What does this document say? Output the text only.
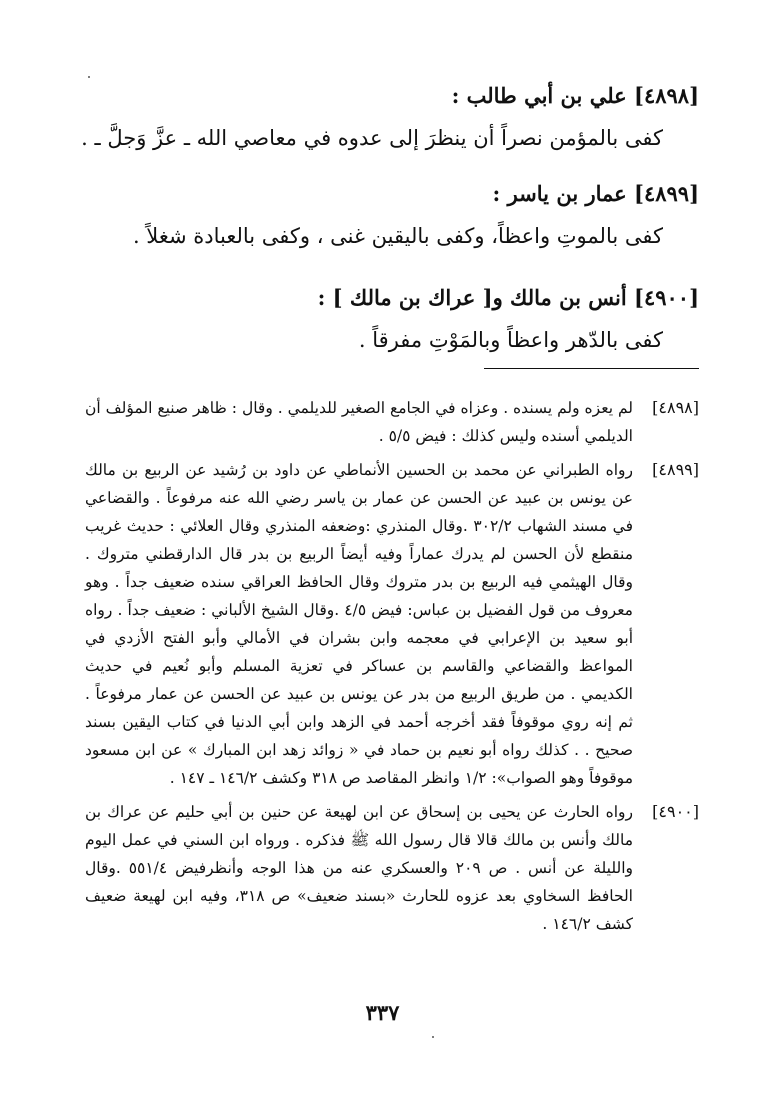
[٤٨٩٨] علي بن أبي طالب :
كفى بالمؤمن نصراً أن ينظرَ إلى عدوه في معاصي الله ـ عزَّ وَجلَّ ـ .
[٤٨٩٩] عمار بن ياسر :
كفى بالموتِ واعظاً، وكفى باليقين غنى ، وكفى بالعبادة شغلاً .
[٤٩٠٠] أنس بن مالك و[ عراك بن مالك ] :
كفى بالدّهر واعظاً وبالمَوْتِ مفرقاً .
[٤٨٩٨]
لم يعزه ولم يسنده . وعزاه في الجامع الصغير للديلمي . وقال : ظاهر صنيع المؤلف أن الديلمي أسنده وليس كذلك : فيض ٥/٥ .
[٤٨٩٩]
رواه الطبراني عن محمد بن الحسين الأنماطي عن داود بن رُشيد عن الربيع بن مالك عن يونس بن عبيد عن الحسن عن عمار بن ياسر رضي الله عنه مرفوعاً . والقضاعي في مسند الشهاب ٣٠٢/٢ .وقال المنذري :وضعفه المنذري وقال العلائي : حديث غريب منقطع لأن الحسن لم يدرك عماراً وفيه أيضاً الربيع بن بدر قال الدارقطني متروك . وقال الهيثمي فيه الربيع بن بدر متروك وقال الحافظ العراقي سنده ضعيف جداً . وهو معروف من قول الفضيل بن عباس: فيض ٤/٥ .وقال الشيخ الألباني : ضعيف جداً . رواه أبو سعيد بن الإعرابي في معجمه وابن بشران في الأمالي وأبو الفتح الأزدي في المواعظ والقضاعي والقاسم بن عساكر في تعزية المسلم وأبو نُعيم في حديث الكديمي . من طريق الربيع من بدر عن يونس بن عبيد عن الحسن عن عمار مرفوعاً . ثم إنه روي موقوفاً فقد أخرجه أحمد في الزهد وابن أبي الدنيا في كتاب اليقين بسند صحيح . . كذلك رواه أبو نعيم بن حماد في « زوائد زهد ابن المبارك » عن ابن مسعود موقوفاً وهو الصواب»: ١/٢ وانظر المقاصد ص ٣١٨ وكشف ١٤٦/٢ ـ ١٤٧ .
[٤٩٠٠]
رواه الحارث عن يحيى بن إسحاق عن ابن لهيعة عن حنين بن أبي حليم عن عراك بن مالك وأنس بن مالك قالا قال رسول الله ﷺ فذكره . ورواه ابن السني في عمل اليوم والليلة عن أنس . ص ٢٠٩ والعسكري عنه من هذا الوجه وأنظرفيض ٥٥١/٤ .وقال الحافظ السخاوي بعد عزوه للحارث «بسند ضعيف» ص ٣١٨، وفيه ابن لهيعة ضعيف كشف ١٤٦/٢ .
٣٣٧
